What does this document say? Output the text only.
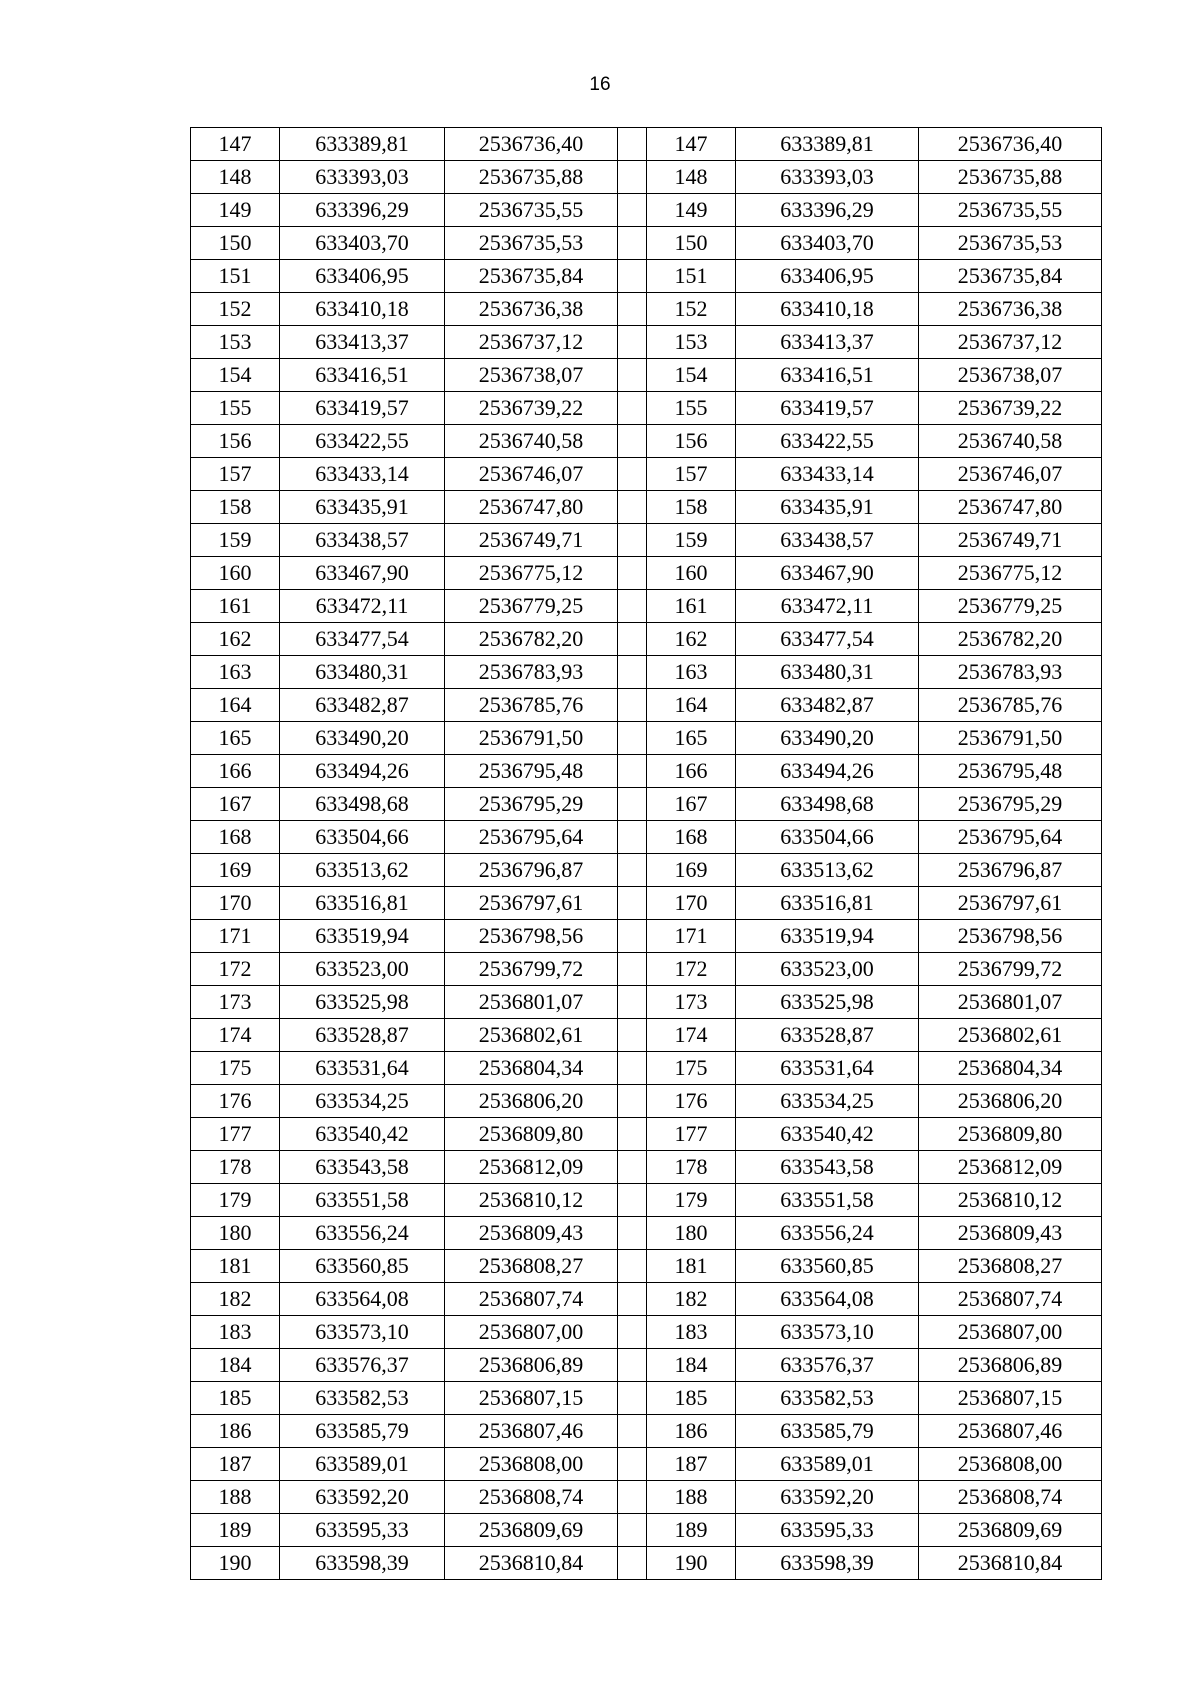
16
147	633389,81	2536736,40		147	633389,81	2536736,40
148	633393,03	2536735,88		148	633393,03	2536735,88
149	633396,29	2536735,55		149	633396,29	2536735,55
150	633403,70	2536735,53		150	633403,70	2536735,53
151	633406,95	2536735,84		151	633406,95	2536735,84
152	633410,18	2536736,38		152	633410,18	2536736,38
153	633413,37	2536737,12		153	633413,37	2536737,12
154	633416,51	2536738,07		154	633416,51	2536738,07
155	633419,57	2536739,22		155	633419,57	2536739,22
156	633422,55	2536740,58		156	633422,55	2536740,58
157	633433,14	2536746,07		157	633433,14	2536746,07
158	633435,91	2536747,80		158	633435,91	2536747,80
159	633438,57	2536749,71		159	633438,57	2536749,71
160	633467,90	2536775,12		160	633467,90	2536775,12
161	633472,11	2536779,25		161	633472,11	2536779,25
162	633477,54	2536782,20		162	633477,54	2536782,20
163	633480,31	2536783,93		163	633480,31	2536783,93
164	633482,87	2536785,76		164	633482,87	2536785,76
165	633490,20	2536791,50		165	633490,20	2536791,50
166	633494,26	2536795,48		166	633494,26	2536795,48
167	633498,68	2536795,29		167	633498,68	2536795,29
168	633504,66	2536795,64		168	633504,66	2536795,64
169	633513,62	2536796,87		169	633513,62	2536796,87
170	633516,81	2536797,61		170	633516,81	2536797,61
171	633519,94	2536798,56		171	633519,94	2536798,56
172	633523,00	2536799,72		172	633523,00	2536799,72
173	633525,98	2536801,07		173	633525,98	2536801,07
174	633528,87	2536802,61		174	633528,87	2536802,61
175	633531,64	2536804,34		175	633531,64	2536804,34
176	633534,25	2536806,20		176	633534,25	2536806,20
177	633540,42	2536809,80		177	633540,42	2536809,80
178	633543,58	2536812,09		178	633543,58	2536812,09
179	633551,58	2536810,12		179	633551,58	2536810,12
180	633556,24	2536809,43		180	633556,24	2536809,43
181	633560,85	2536808,27		181	633560,85	2536808,27
182	633564,08	2536807,74		182	633564,08	2536807,74
183	633573,10	2536807,00		183	633573,10	2536807,00
184	633576,37	2536806,89		184	633576,37	2536806,89
185	633582,53	2536807,15		185	633582,53	2536807,15
186	633585,79	2536807,46		186	633585,79	2536807,46
187	633589,01	2536808,00		187	633589,01	2536808,00
188	633592,20	2536808,74		188	633592,20	2536808,74
189	633595,33	2536809,69		189	633595,33	2536809,69
190	633598,39	2536810,84		190	633598,39	2536810,84
